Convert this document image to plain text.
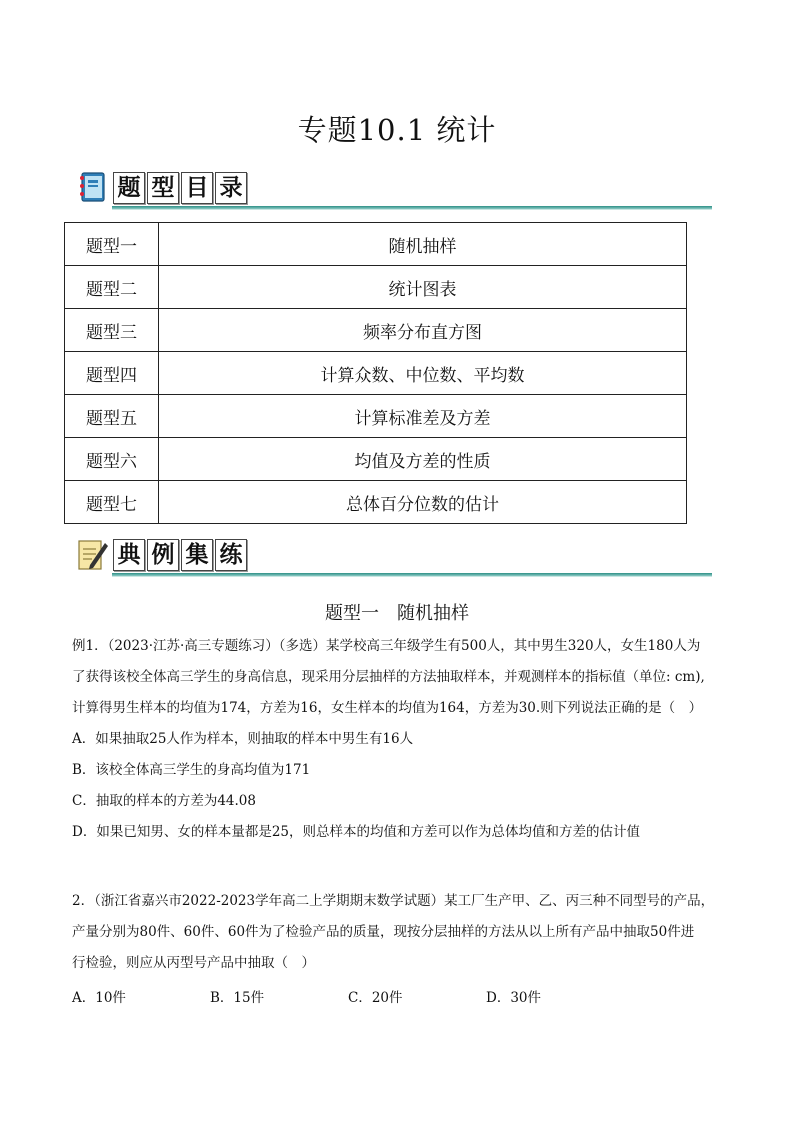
专题10.1 统计
题 型 目 录
题型一	随机抽样
题型二	统计图表
题型三	频率分布直方图
题型四	计算众数、中位数、平均数
题型五	计算标准差及方差
题型六	均值及方差的性质
题型七	总体百分位数的估计
典 例 集 练
题型一 随机抽样
例1．（2023·江苏·高三专题练习）（多选）某学校高三年级学生有500人，其中男生320人，女生180人为
了获得该校全体高三学生的身高信息，现采用分层抽样的方法抽取样本，并观测样本的指标值（单位: cm),
计算得男生样本的均值为174，方差为16，女生样本的均值为164，方差为30.则下列说法正确的是（　）
A．如果抽取25人作为样本，则抽取的样本中男生有16人
B．该校全体高三学生的身高均值为171
C．抽取的样本的方差为44.08
D．如果已知男、女的样本量都是25，则总样本的均值和方差可以作为总体均值和方差的估计值
2．（浙江省嘉兴市2022-2023学年高二上学期期末数学试题）某工厂生产甲、乙、丙三种不同型号的产品，
产量分别为80件、60件、60件为了检验产品的质量，现按分层抽样的方法从以上所有产品中抽取50件进
行检验，则应从丙型号产品中抽取（　）
A．10件	B．15件	C．20件	D．30件
